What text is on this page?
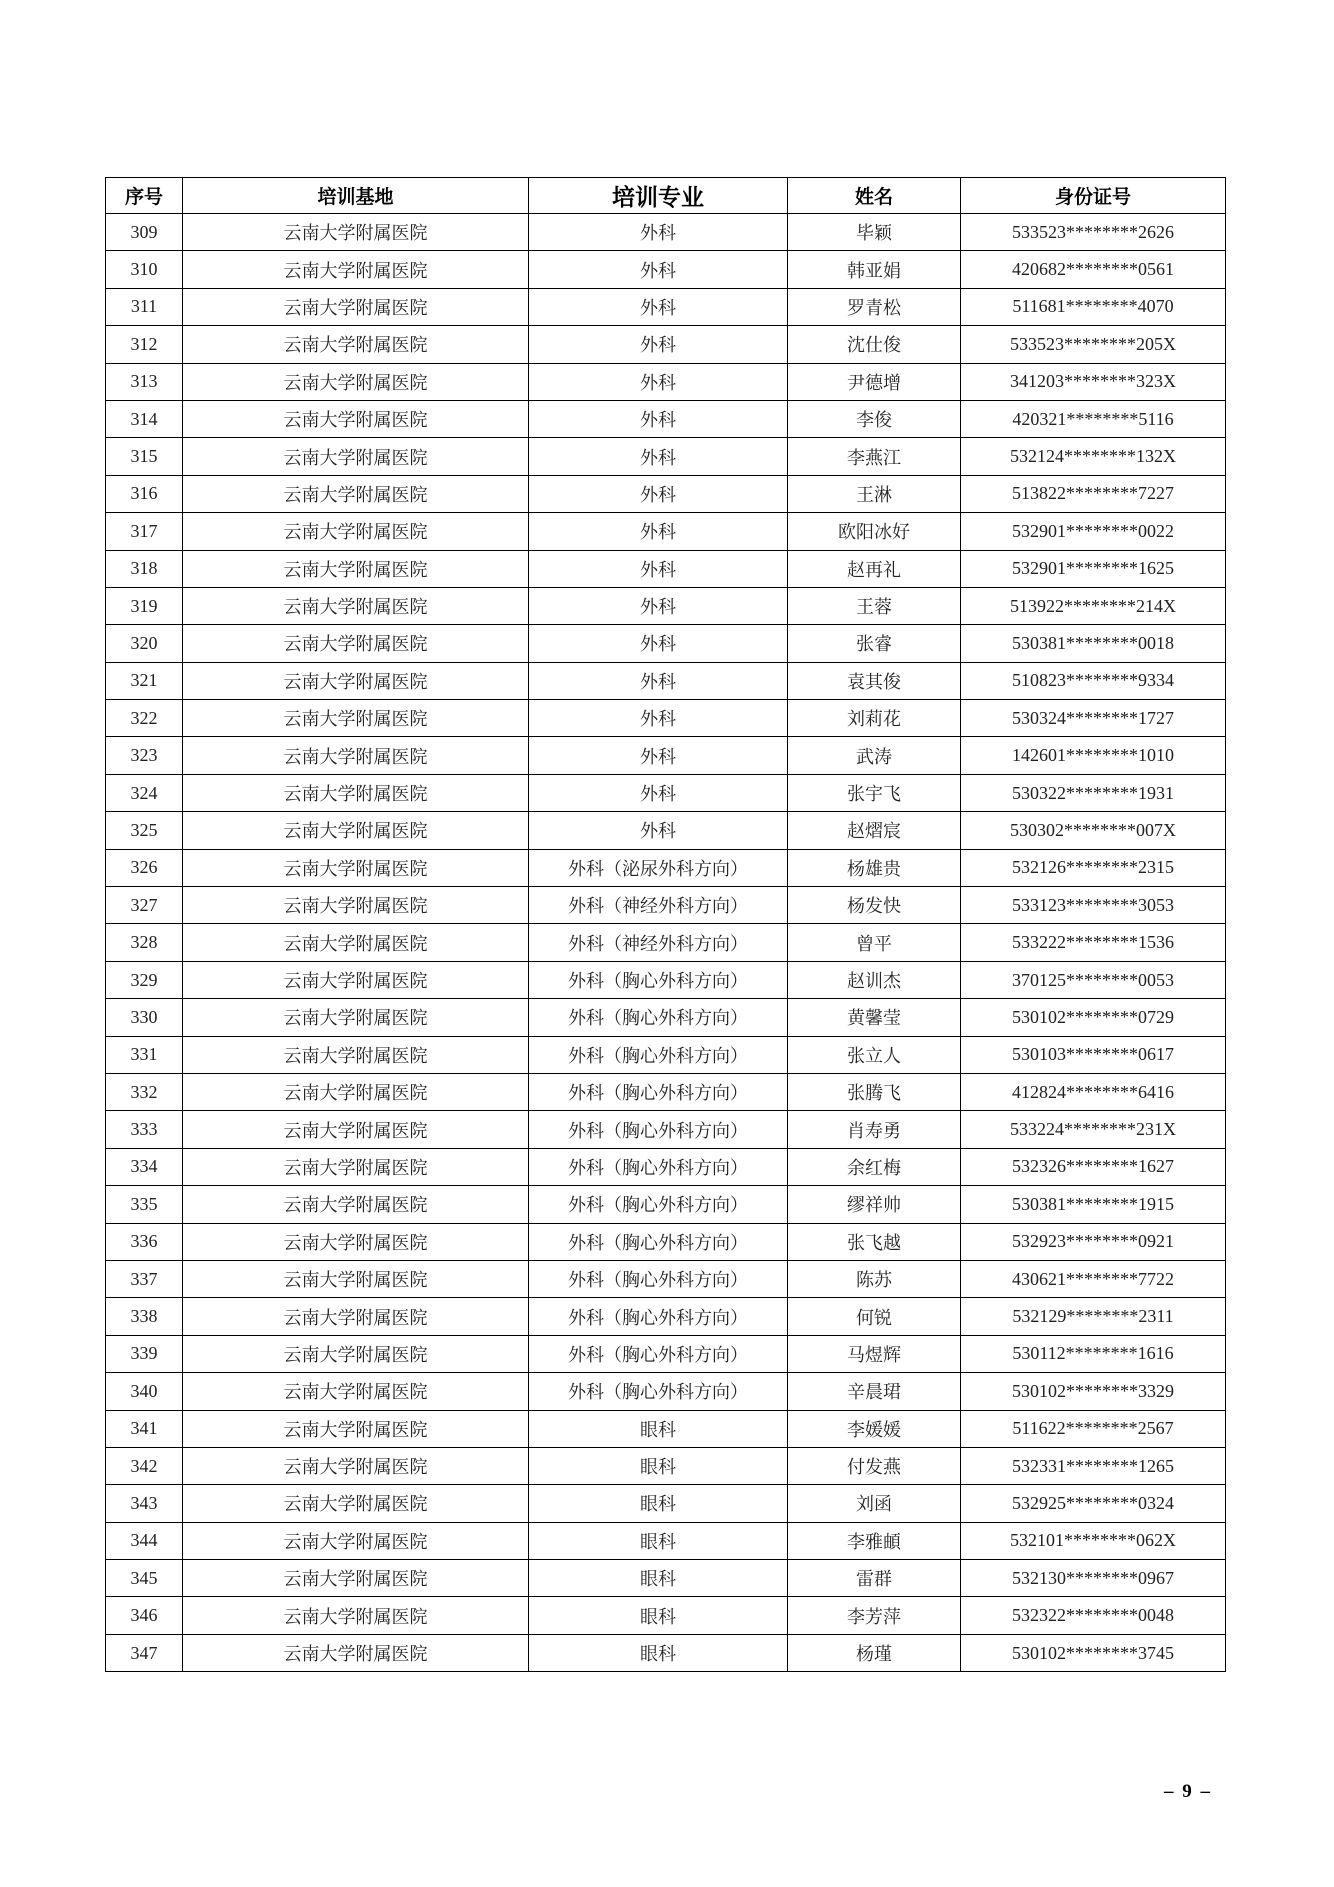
序号	培训基地	培训专业	姓名	身份证号
309	云南大学附属医院	外科	毕颖	533523********2626
310	云南大学附属医院	外科	韩亚娟	420682********0561
311	云南大学附属医院	外科	罗青松	511681********4070
312	云南大学附属医院	外科	沈仕俊	533523********205X
313	云南大学附属医院	外科	尹德增	341203********323X
314	云南大学附属医院	外科	李俊	420321********5116
315	云南大学附属医院	外科	李燕江	532124********132X
316	云南大学附属医院	外科	王淋	513822********7227
317	云南大学附属医院	外科	欧阳冰好	532901********0022
318	云南大学附属医院	外科	赵再礼	532901********1625
319	云南大学附属医院	外科	王蓉	513922********214X
320	云南大学附属医院	外科	张睿	530381********0018
321	云南大学附属医院	外科	袁其俊	510823********9334
322	云南大学附属医院	外科	刘莉花	530324********1727
323	云南大学附属医院	外科	武涛	142601********1010
324	云南大学附属医院	外科	张宇飞	530322********1931
325	云南大学附属医院	外科	赵熠宸	530302********007X
326	云南大学附属医院	外科（泌尿外科方向）	杨雄贵	532126********2315
327	云南大学附属医院	外科（神经外科方向）	杨发快	533123********3053
328	云南大学附属医院	外科（神经外科方向）	曾平	533222********1536
329	云南大学附属医院	外科（胸心外科方向）	赵训杰	370125********0053
330	云南大学附属医院	外科（胸心外科方向）	黄馨莹	530102********0729
331	云南大学附属医院	外科（胸心外科方向）	张立人	530103********0617
332	云南大学附属医院	外科（胸心外科方向）	张腾飞	412824********6416
333	云南大学附属医院	外科（胸心外科方向）	肖寿勇	533224********231X
334	云南大学附属医院	外科（胸心外科方向）	余红梅	532326********1627
335	云南大学附属医院	外科（胸心外科方向）	缪祥帅	530381********1915
336	云南大学附属医院	外科（胸心外科方向）	张飞越	532923********0921
337	云南大学附属医院	外科（胸心外科方向）	陈苏	430621********7722
338	云南大学附属医院	外科（胸心外科方向）	何锐	532129********2311
339	云南大学附属医院	外科（胸心外科方向）	马煜辉	530112********1616
340	云南大学附属医院	外科（胸心外科方向）	辛晨珺	530102********3329
341	云南大学附属医院	眼科	李媛媛	511622********2567
342	云南大学附属医院	眼科	付发燕	532331********1265
343	云南大学附属医院	眼科	刘函	532925********0324
344	云南大学附属医院	眼科	李雅頔	532101********062X
345	云南大学附属医院	眼科	雷群	532130********0967
346	云南大学附属医院	眼科	李芳萍	532322********0048
347	云南大学附属医院	眼科	杨瑾	530102********3745
– 9 –
